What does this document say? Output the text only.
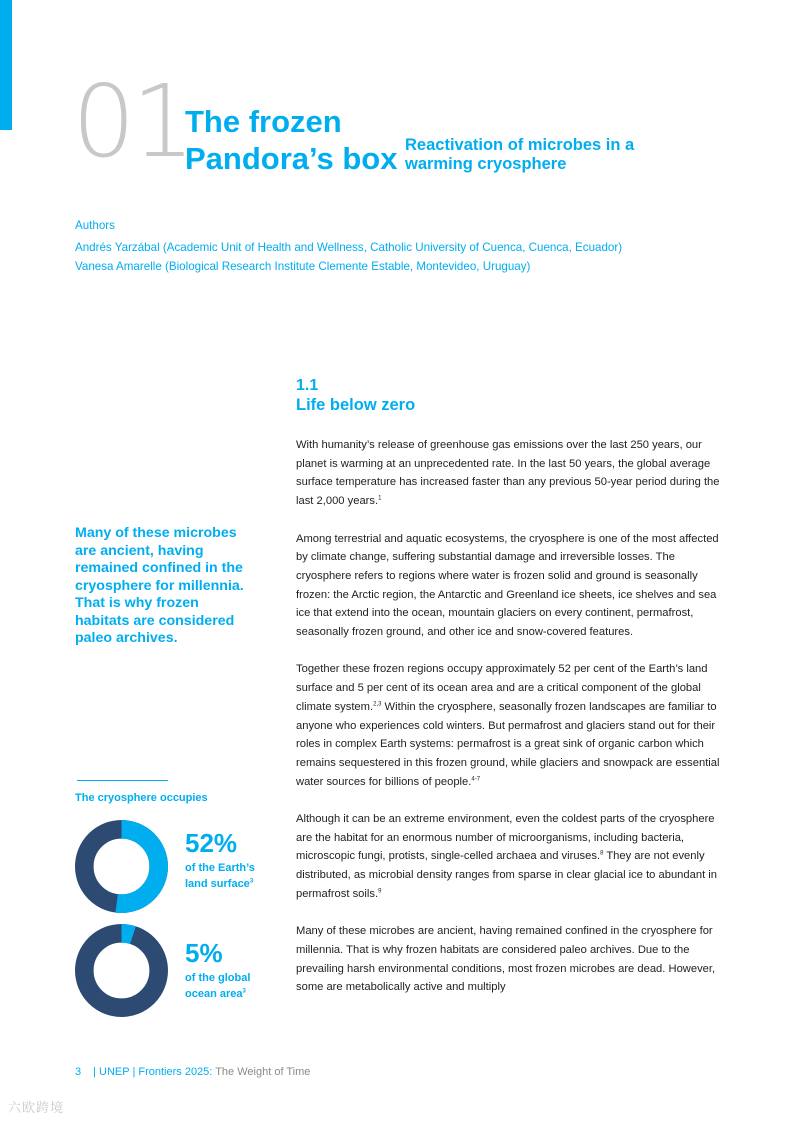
01
The frozen
Pandora’s box Reactivation of microbes in a
warming cryosphere
Authors
Andrés Yarzábal (Academic Unit of Health and Wellness, Catholic University of Cuenca, Cuenca, Ecuador)
Vanesa Amarelle (Biological Research Institute Clemente Estable, Montevideo, Uruguay)
1.1
Life below zero

With humanity’s release of greenhouse gas emissions over the last 250 years, our planet is warming at an unprecedented rate. In the last 50 years, the global average surface temperature has increased faster than any previous 50-year period during the last 2,000 years.$^1$

Among terrestrial and aquatic ecosystems, the cryosphere is one of the most affected by climate change, suffering substantial damage and irreversible losses. The cryosphere refers to regions where water is frozen solid and ground is seasonally frozen: the Arctic region, the Antarctic and Greenland ice sheets, ice shelves and sea ice that extend into the ocean, mountain glaciers on every continent, permafrost, seasonally frozen ground, and other ice and snow-covered features.

Together these frozen regions occupy approximately 52 per cent of the Earth’s land surface and 5 per cent of its ocean area and are a critical component of the global climate system.$^{2,3}$ Within the cryosphere, seasonally frozen landscapes are familiar to anyone who experiences cold winters. But permafrost and glaciers stand out for their roles in complex Earth systems: permafrost is a great sink of organic carbon which remains sequestered in this frozen ground, while glaciers and snowpack are essential water sources for billions of people.$^{4-7}$

Although it can be an extreme environment, even the coldest parts of the cryosphere are the habitat for an enormous number of microorganisms, including bacteria, microscopic fungi, protists, single-celled archaea and viruses.$^8$ They are not evenly distributed, as microbial density ranges from sparse in clear glacial ice to abundant in permafrost soils.$^9$

Many of these microbes are ancient, having remained confined in the cryosphere for millennia. That is why frozen habitats are considered paleo archives. Due to the prevailing harsh environmental conditions, most frozen microbes are dead. However, some are metabolically active and multiply

Many of these microbes are ancient, having remained confined in the cryosphere for millennia. That is why frozen habitats are considered paleo archives.
The cryosphere occupies
52%
of the Earth’s
land surface$^3$
5%
of the global
ocean area$^3$
3 | UNEP | Frontiers 2025: The Weight of Time
六欧跨境
